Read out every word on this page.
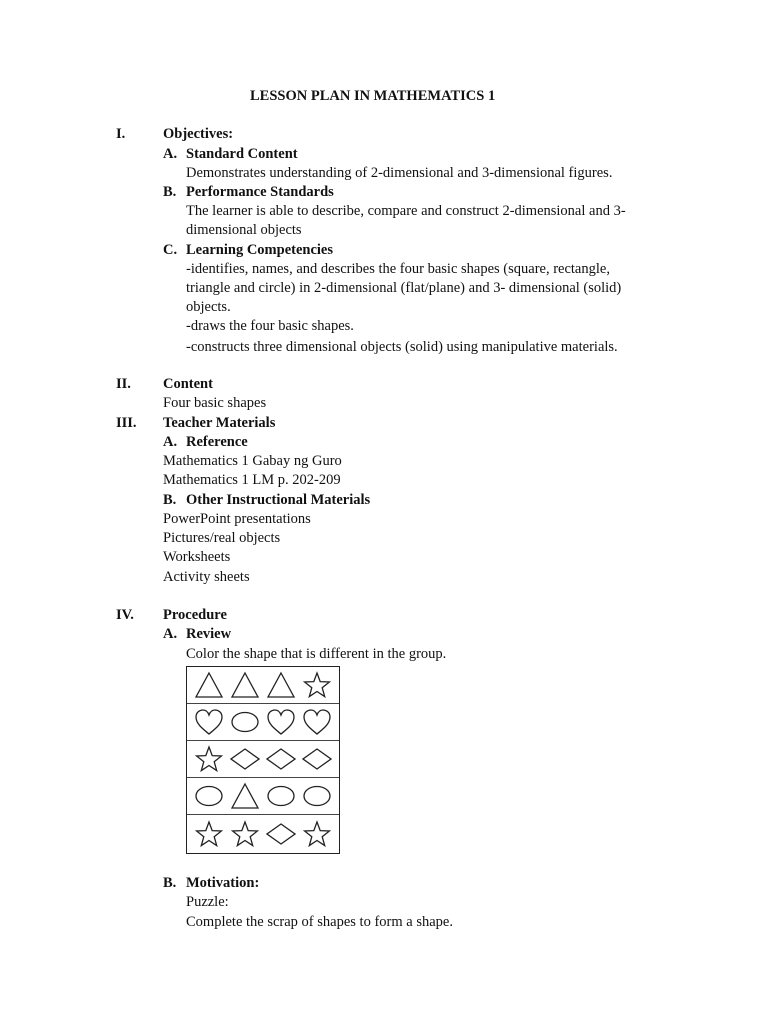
LESSON PLAN IN MATHEMATICS 1
I.	Objectives:
A. Standard Content
Demonstrates understanding of 2-dimensional and 3-dimensional figures.
B. Performance Standards
The learner is able to describe, compare and construct 2-dimensional and 3-
dimensional objects
C. Learning Competencies
-identifies, names, and describes the four basic shapes (square, rectangle,
triangle and circle) in 2-dimensional (flat/plane) and 3- dimensional (solid)
objects.
-draws the four basic shapes.
-constructs three dimensional objects (solid) using manipulative materials.
II. Content
Four basic shapes
III. Teacher Materials
A. Reference
Mathematics 1 Gabay ng Guro
Mathematics 1 LM p. 202-209
B. Other Instructional Materials
PowerPoint presentations
Pictures/real objects
Worksheets
Activity sheets
IV. Procedure
A. Review
Color the shape that is different in the group.
B. Motivation:
Puzzle:
Complete the scrap of shapes to form a shape.
